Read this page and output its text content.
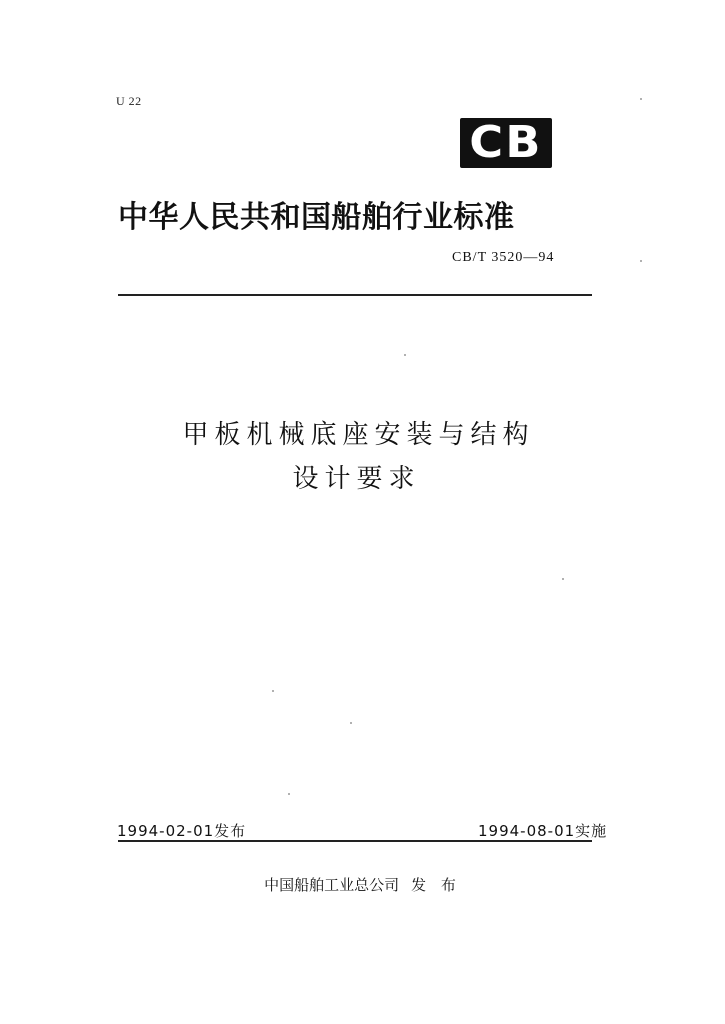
U 22
CB
中华人民共和国船舶行业标准
CB/T 3520—94
甲板机械底座安装与结构
设计要求
1994-02-01发布	1994-08-01实施
中国船舶工业总公司 发 布
